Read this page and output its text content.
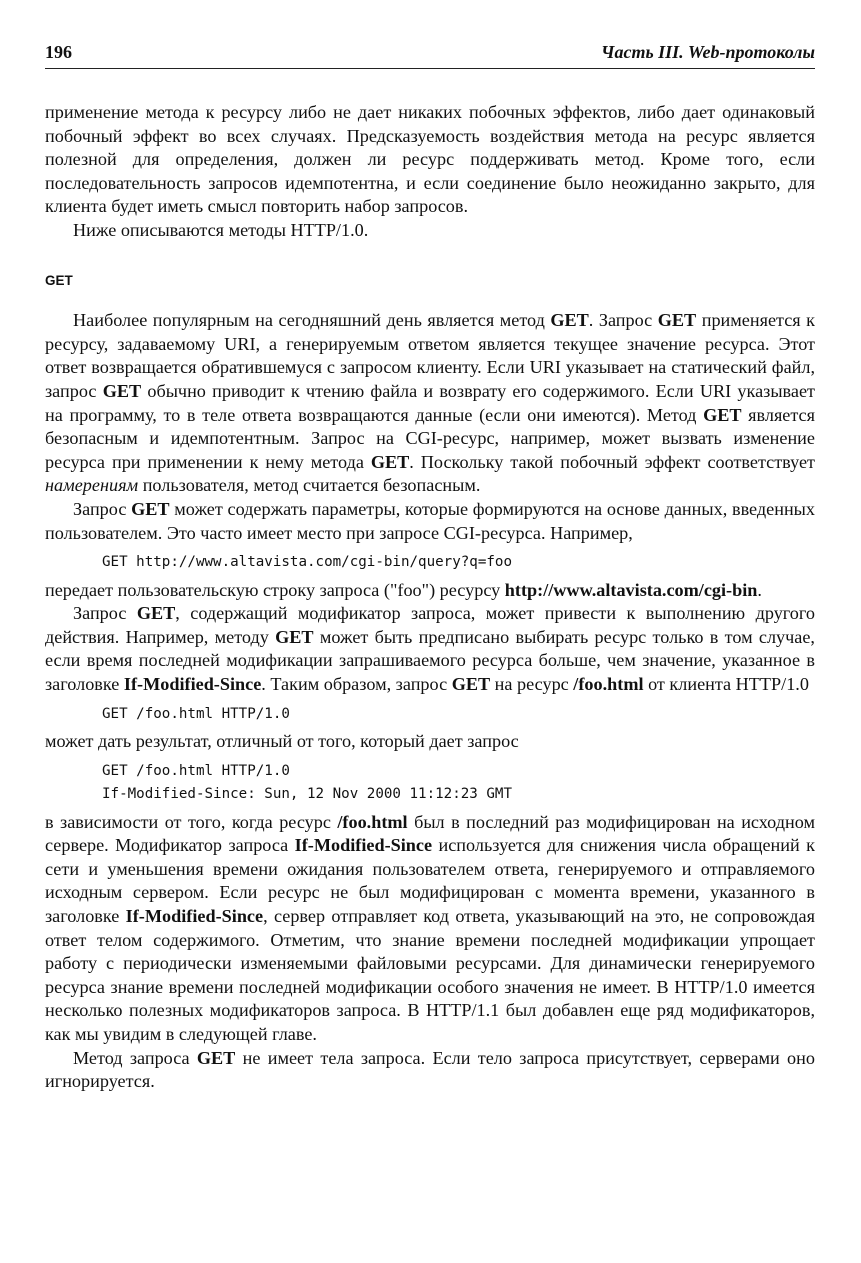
196	Часть III. Web-протоколы

применение метода к ресурсу либо не дает никаких побочных эффектов, либо дает одинаковый побочный эффект во всех случаях. Предсказуемость воздействия метода на ресурс является полезной для определения, должен ли ресурс поддерживать метод. Кроме того, если последовательность запросов идемпотентна, и если соединение было неожиданно закрыто, для клиента будет иметь смысл повторить набор запросов.

Ниже описываются методы HTTP/1.0.

GET

Наиболее популярным на сегодняшний день является метод GET. Запрос GET применяется к ресурсу, задаваемому URI, а генерируемым ответом является текущее значение ресурса. Этот ответ возвращается обратившемуся с запросом клиенту. Если URI указывает на статический файл, запрос GET обычно приводит к чтению файла и возврату его содержимого. Если URI указывает на программу, то в теле ответа возвращаются данные (если они имеются). Метод GET является безопасным и идемпотентным. Запрос на CGI-ресурс, например, может вызвать изменение ресурса при применении к нему метода GET. Поскольку такой побочный эффект соответствует намерениям пользователя, метод считается безопасным.

Запрос GET может содержать параметры, которые формируются на основе данных, введенных пользователем. Это часто имеет место при запросе CGI-ресурса. Например,

GET http://www.altavista.com/cgi-bin/query?q=foo

передает пользовательскую строку запроса ("foo") ресурсу http://www.altavista.com/cgi-bin.

Запрос GET, содержащий модификатор запроса, может привести к выполнению другого действия. Например, методу GET может быть предписано выбирать ресурс только в том случае, если время последней модификации запрашиваемого ресурса больше, чем значение, указанное в заголовке If-Modified-Since. Таким образом, запрос GET на ресурс /foo.html от клиента HTTP/1.0

GET /foo.html HTTP/1.0

может дать результат, отличный от того, который дает запрос

GET /foo.html HTTP/1.0
If-Modified-Since: Sun, 12 Nov 2000 11:12:23 GMT

в зависимости от того, когда ресурс /foo.html был в последний раз модифицирован на исходном сервере. Модификатор запроса If-Modified-Since используется для снижения числа обращений к сети и уменьшения времени ожидания пользователем ответа, генерируемого и отправляемого исходным сервером. Если ресурс не был модифицирован с момента времени, указанного в заголовке If-Modified-Since, сервер отправляет код ответа, указывающий на это, не сопровождая ответ телом содержимого. Отметим, что знание времени последней модификации упрощает работу с периодически изменяемыми файловыми ресурсами. Для динамически генерируемого ресурса знание времени последней модификации особого значения не имеет. В HTTP/1.0 имеется несколько полезных модификаторов запроса. В HTTP/1.1 был добавлен еще ряд модификаторов, как мы увидим в следующей главе.

Метод запроса GET не имеет тела запроса. Если тело запроса присутствует, серверами оно игнорируется.
